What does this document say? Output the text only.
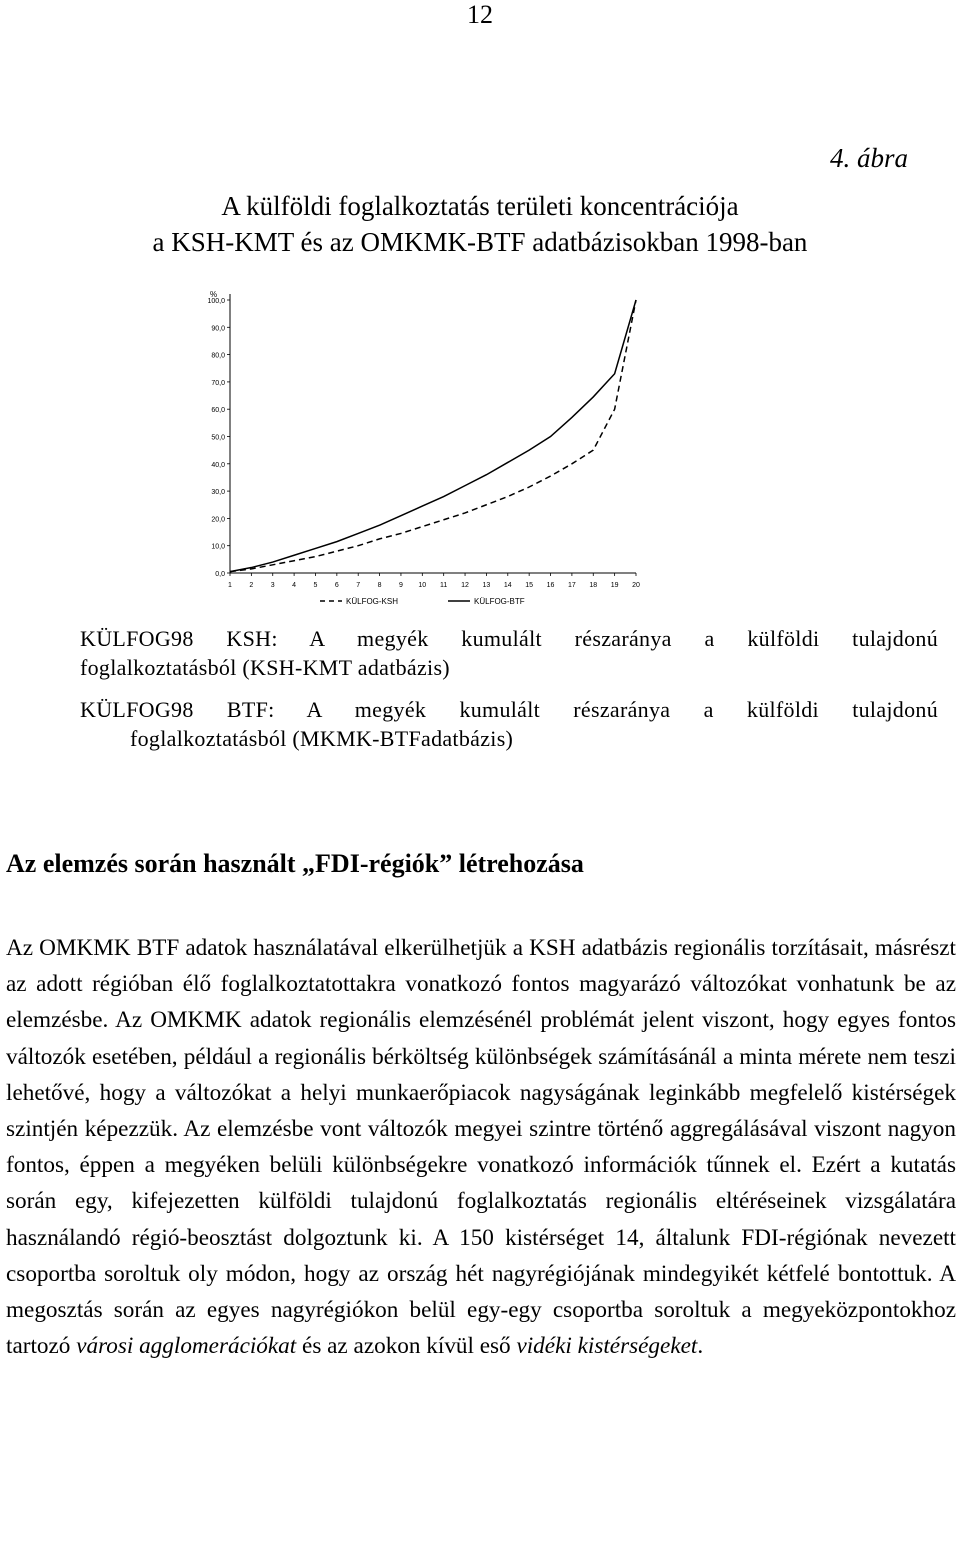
12
4. ábra
A külföldi foglalkoztatás területi koncentrációja
a KSH-KMT és az OMKMK-BTF adatbázisokban 1998-ban
%
0,0
10,0
20,0
30,0
40,0
50,0
60,0
70,0
80,0
90,0
100,0
1 2 3 4 5 6 7 8 9 10 11 12 13 14 15 16 17 18 19 20
KÜLFOG-KSH	KÜLFOG-BTF
KÜLFOG98 KSH: A megyék kumulált részaránya a külföldi tulajdonú
foglalkoztatásból (KSH-KMT adatbázis)
KÜLFOG98 BTF: A megyék kumulált részaránya a külföldi tulajdonú
foglalkoztatásból (MKMK-BTFadatbázis)
Az elemzés során használt „FDI-régiók” létrehozása
Az OMKMK BTF adatok használatával elkerülhetjük a KSH adatbázis regionális torzításait, másrészt az adott régióban élő foglalkoztatottakra vonatkozó fontos magyarázó változókat vonhatunk be az elemzésbe. Az OMKMK adatok regionális elemzésénél problémát jelent viszont, hogy egyes fontos változók esetében, például a regionális bérköltség különbségek számításánál a minta mérete nem teszi lehetővé, hogy a változókat a helyi munkaerőpiacok nagyságának leginkább megfelelő kistérségek szintjén képezzük. Az elemzésbe vont változók megyei szintre történő aggregálásával viszont nagyon fontos, éppen a megyéken belüli különbségekre vonatkozó információk tűnnek el. Ezért a kutatás során egy, kifejezetten külföldi tulajdonú foglalkoztatás regionális eltéréseinek vizsgálatára használandó régió-beosztást dolgoztunk ki. A 150 kistérséget 14, általunk FDI-régiónak nevezett csoportba soroltuk oly módon, hogy az ország hét nagyrégiójának mindegyikét kétfelé bontottuk. A megosztás során az egyes nagyrégiókon belül egy-egy csoportba soroltuk a megyeközpontokhoz tartozó városi agglomerációkat és az azokon kívül eső vidéki kistérségeket.
